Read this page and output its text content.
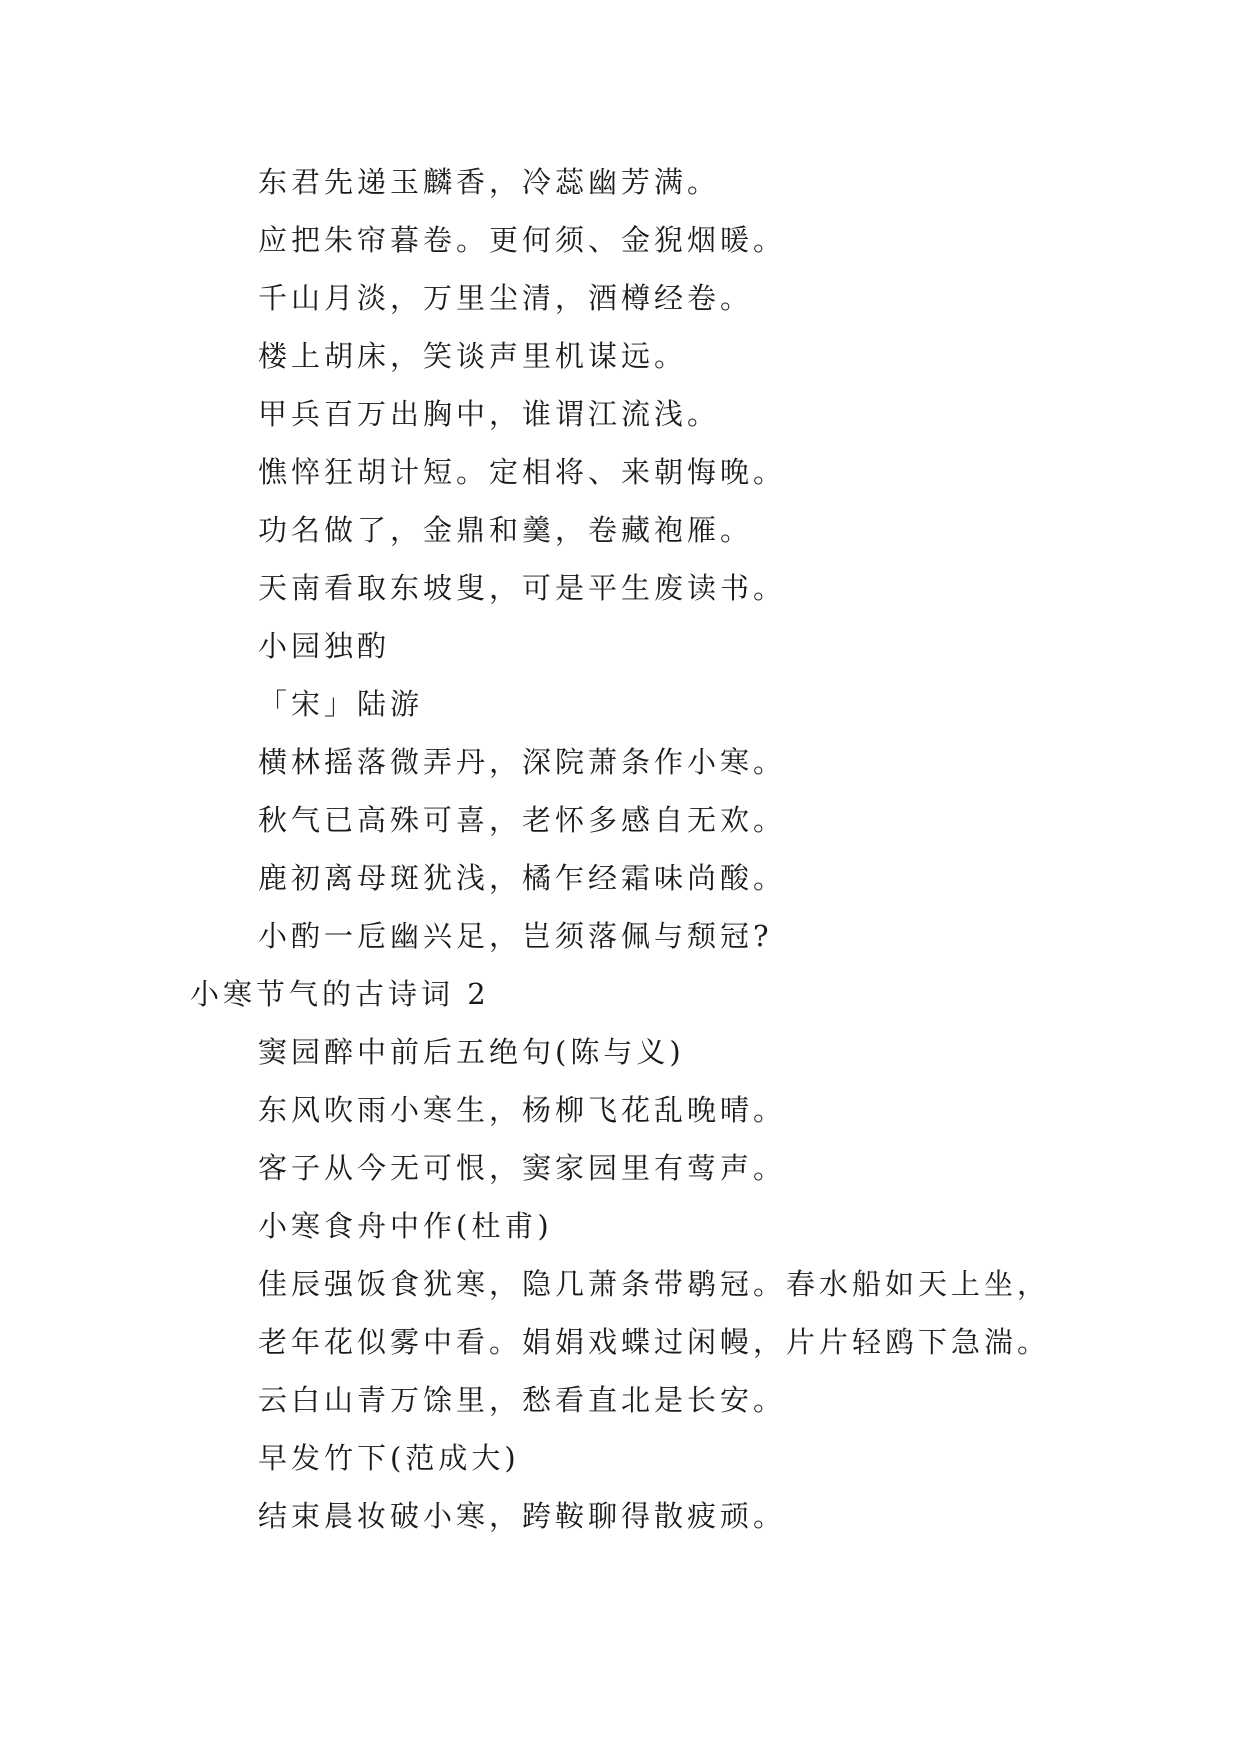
东君先递玉麟香，冷蕊幽芳满。
应把朱帘暮卷。更何须、金猊烟暖。
千山月淡，万里尘清，酒樽经卷。
楼上胡床，笑谈声里机谋远。
甲兵百万出胸中，谁谓江流浅。
憔悴狂胡计短。定相将、来朝悔晚。
功名做了，金鼎和羹，卷藏袍雁。
天南看取东坡叟，可是平生废读书。
小园独酌
「宋」陆游
横林摇落微弄丹，深院萧条作小寒。
秋气已高殊可喜，老怀多感自无欢。
鹿初离母斑犹浅，橘乍经霜味尚酸。
小酌一卮幽兴足，岂须落佩与颓冠?
小寒节气的古诗词 2
窦园醉中前后五绝句(陈与义)
东风吹雨小寒生，杨柳飞花乱晚晴。
客子从今无可恨，窦家园里有莺声。
小寒食舟中作(杜甫)
佳辰强饭食犹寒，隐几萧条带鹖冠。春水船如天上坐，
老年花似雾中看。娟娟戏蝶过闲幔，片片轻鸥下急湍。
云白山青万馀里，愁看直北是长安。
早发竹下(范成大)
结束晨妆破小寒，跨鞍聊得散疲顽。
